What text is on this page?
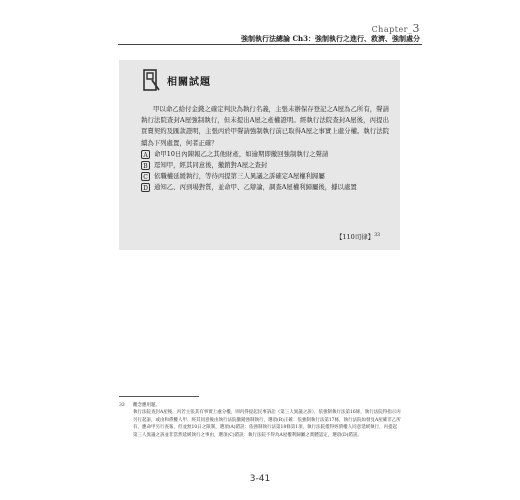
Chapter_3
強制執行法總論 Ch3：強制執行之進行、救濟、強制處分
相關試題

甲以命乙給付金錢之確定判決為執行名義，主張未辦保存登記之A屋為乙所有，聲請執行法院查封A屋強制執行，但未提出A屋之產權證明。經執行法院查封A屋後，丙提出買賣契約及匯款證明，主張丙於甲聲請強制執行前已取得A屋之事實上處分權。執行法院續為下列處置，何者正確？

A 命甲10日內陳報乙之其他財產，如逾期即撤回強制執行之聲請
B 逕知甲，經其同意後，撤銷對A屋之查封
C 依職權延緩執行，等待丙提第三人異議之訴確定A屋權利歸屬
D 通知乙、丙到場對質，並命甲、乙辯論，調查A屋權利歸屬後，據以處置
【110司律】$^{33}$
33 觀念應用題。

執行法院查封A屋後，丙若主張其有事實上處分權，則丙得提起民事訴訟（第三人異議之訴），依強制執行法第16條，執行法院得指示丙另行起訴，或由和債權人甲、經其同意後由執行法院撤銷強制執行，選項(B)正確：依強制執行法第17條，執行法院如發見A屋確非乙所有，應命甲另行查報，但並無10日之限制，選項(A)錯誤：依強制執行法第18條第1項，執行法院僅得經債權人同意延緩執行，丙提起第三人異議之訴並非當然延緩執行之事由，選項(C)錯誤：執行法院不得為A屋權利歸屬之實體認定，選項(D)錯誤。

3-41
